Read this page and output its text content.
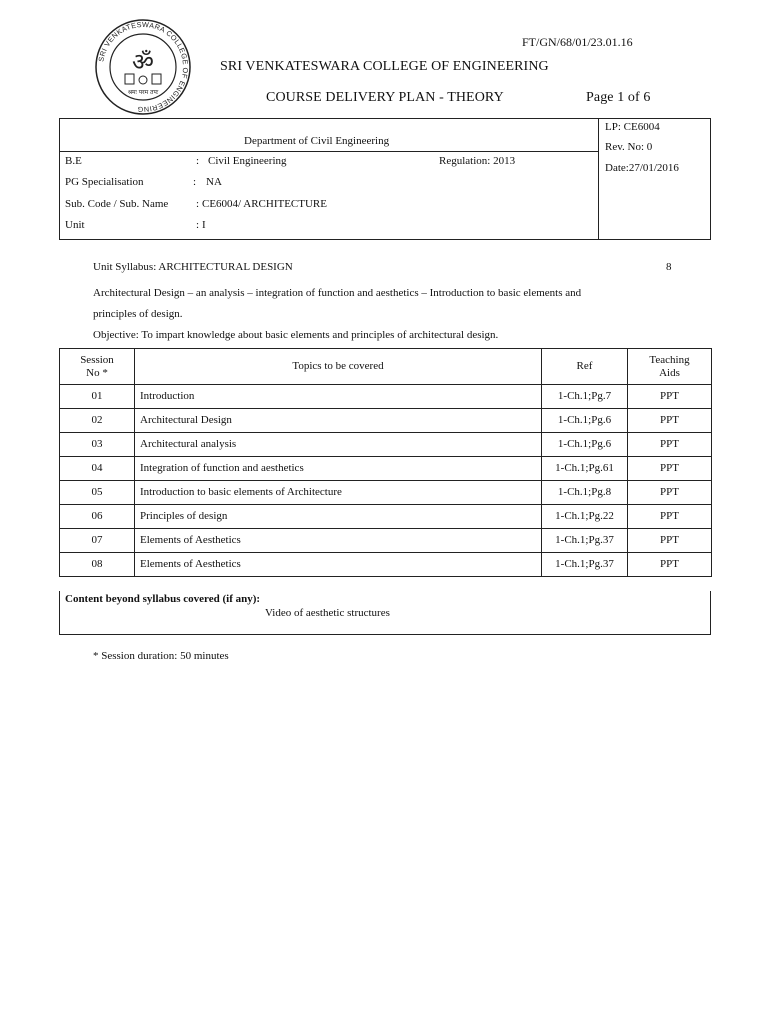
SRI VENKATESWARA COLLEGE OF ENGINEERING
ॐ
श्रमः परम तपः
FT/GN/68/01/23.01.16
SRI VENKATESWARA COLLEGE OF ENGINEERING
COURSE DELIVERY PLAN - THEORY	Page 1 of 6
Department of Civil Engineering
B.E	: Civil Engineering	Regulation: 2013
PG Specialisation	: NA
Sub. Code / Sub. Name	: CE6004/ ARCHITECTURE
Unit	: I
LP: CE6004
Rev. No: 0
Date:27/01/2016
Unit Syllabus: ARCHITECTURAL DESIGN	8
Architectural Design – an analysis – integration of function and aesthetics – Introduction to basic elements and
principles of design.
Objective: To impart knowledge about basic elements and principles of architectural design.
Session
No *	Topics to be covered	Ref	Teaching
Aids
01	Introduction	1-Ch.1;Pg.7	PPT
02	Architectural Design	1-Ch.1;Pg.6	PPT
03	Architectural analysis	1-Ch.1;Pg.6	PPT
04	Integration of function and aesthetics	1-Ch.1;Pg.61	PPT
05	Introduction to basic elements of Architecture	1-Ch.1;Pg.8	PPT
06	Principles of design	1-Ch.1;Pg.22	PPT
07	Elements of Aesthetics	1-Ch.1;Pg.37	PPT
08	Elements of Aesthetics	1-Ch.1;Pg.37	PPT
Content beyond syllabus covered (if any):
Video of aesthetic structures
* Session duration: 50 minutes
